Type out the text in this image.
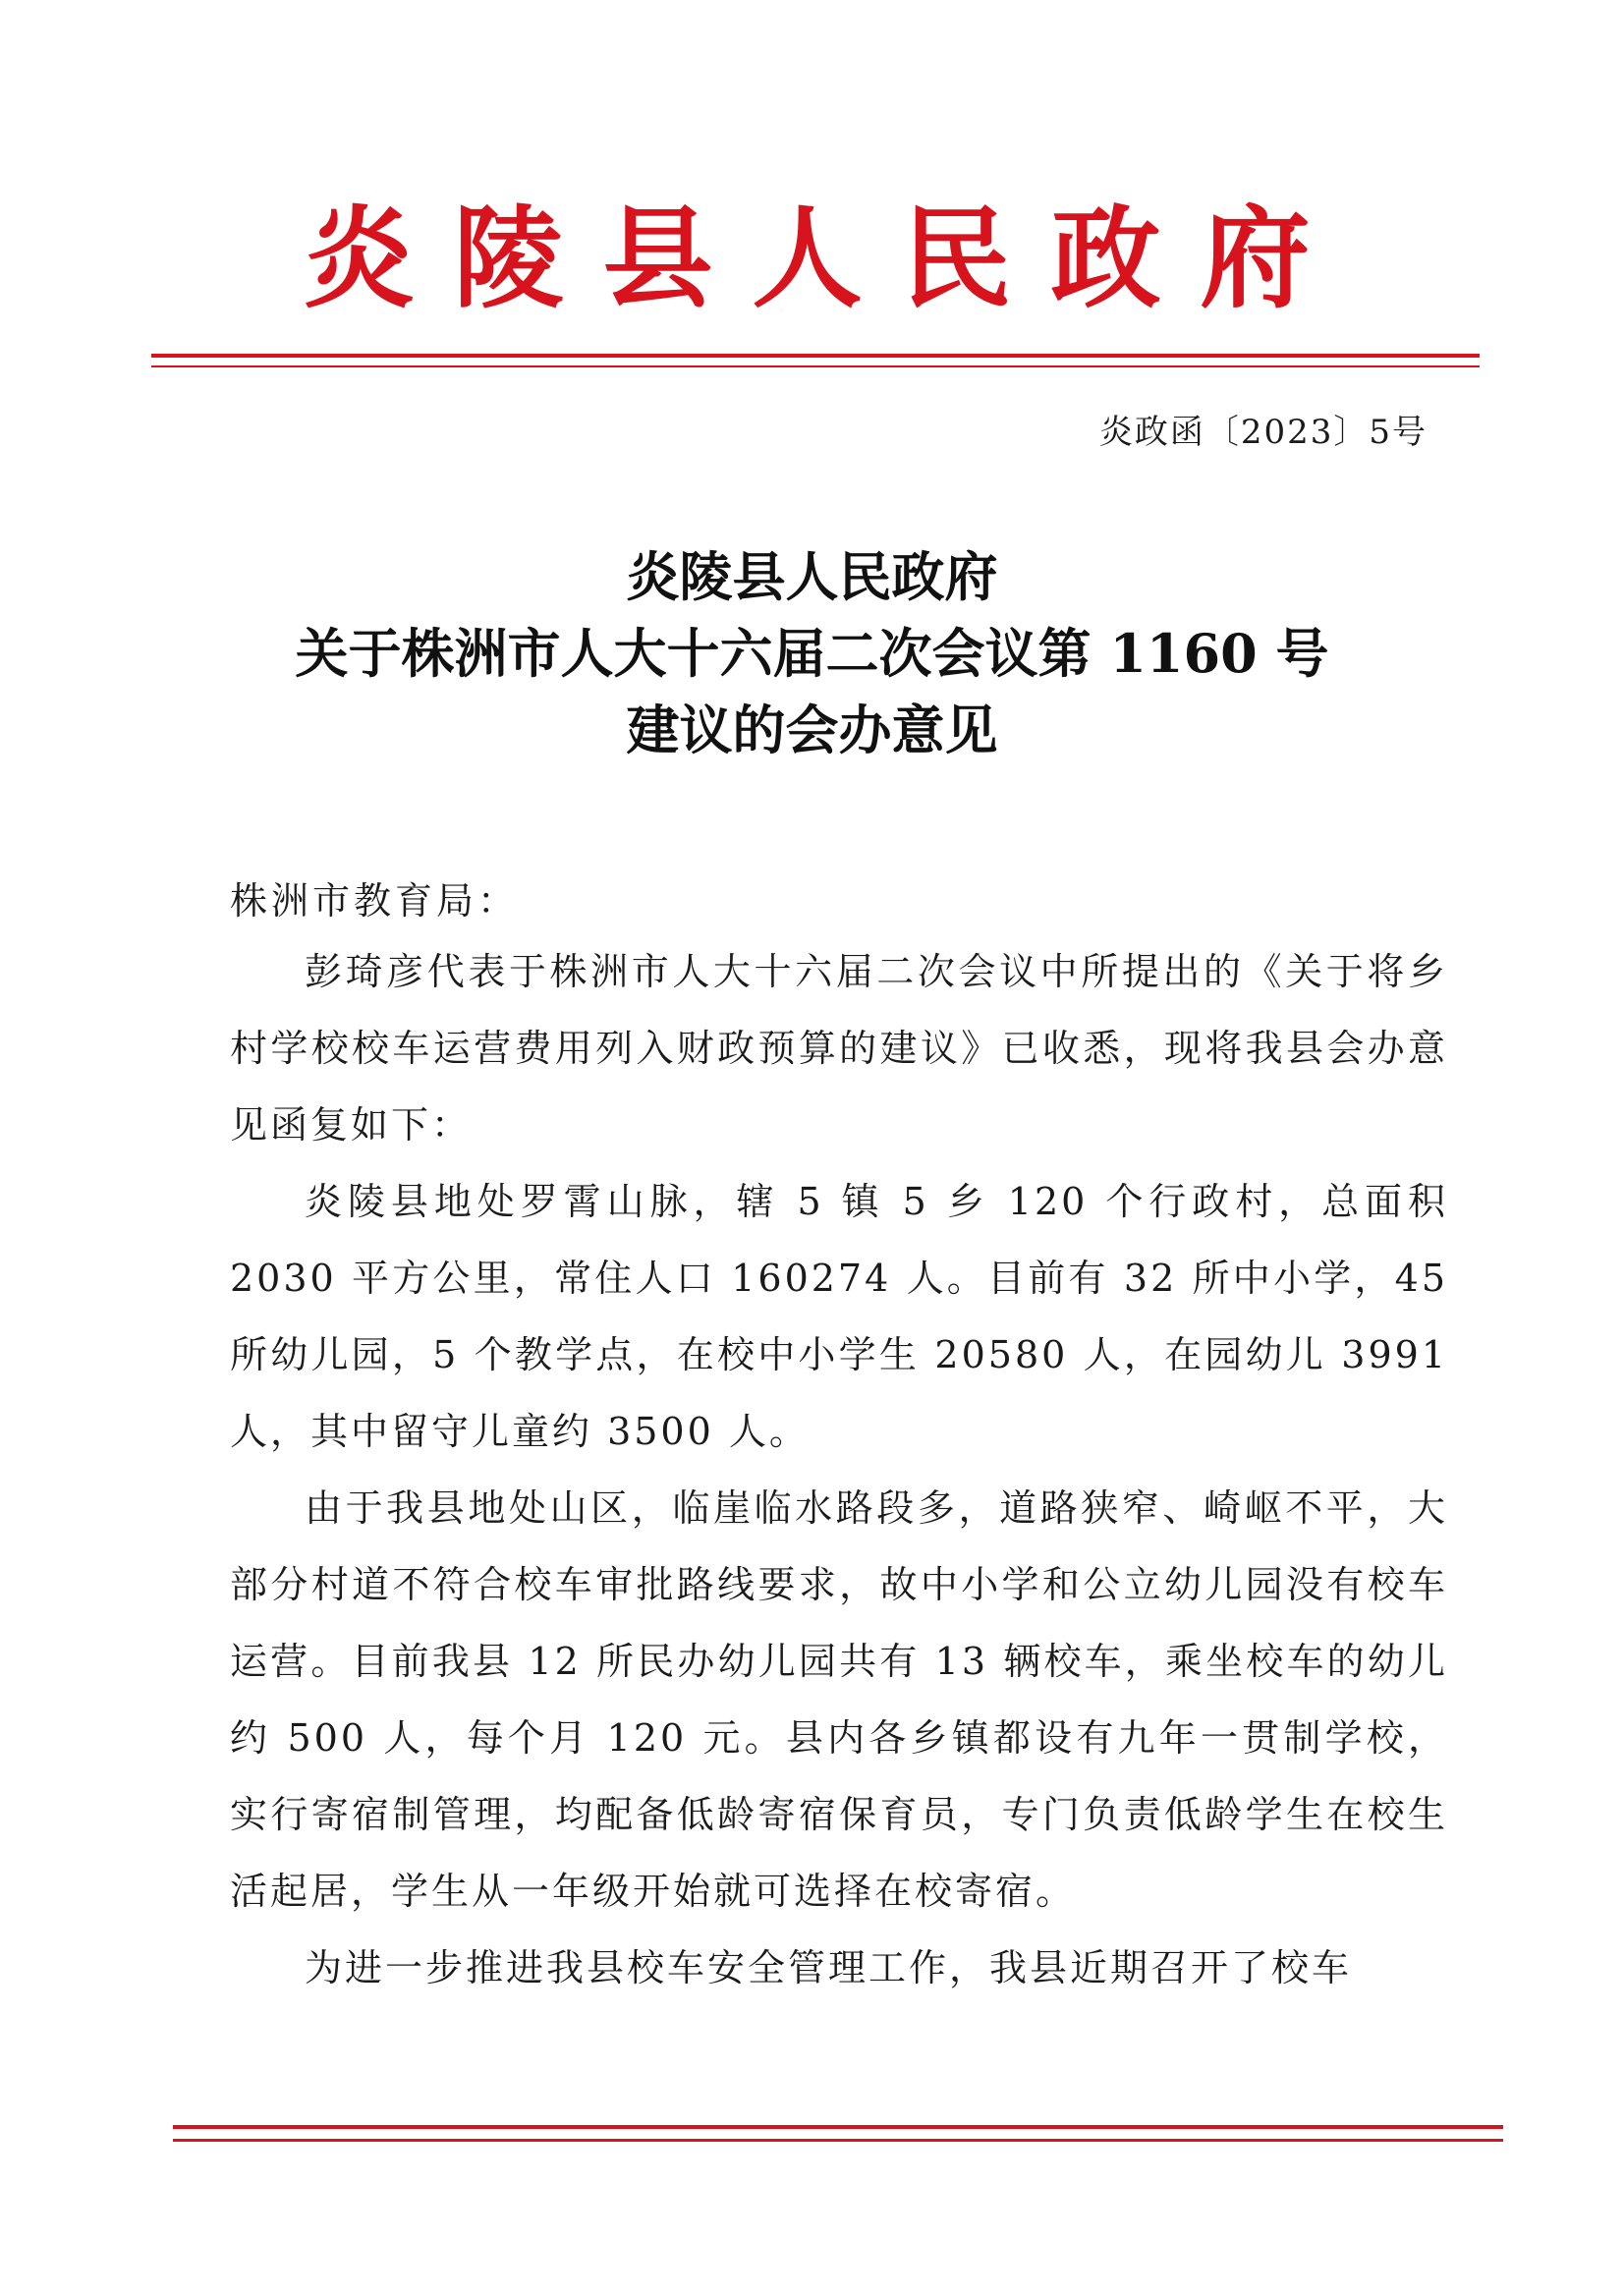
炎陵县人民政府
炎政函〔2023〕5号
炎陵县人民政府
关于株洲市人大十六届二次会议第 1160 号
建议的会办意见
株洲市教育局：

彭琦彦代表于株洲市人大十六届二次会议中所提出的《关于将乡村学校校车运营费用列入财政预算的建议》已收悉，现将我县会办意见函复如下：

炎陵县地处罗霄山脉，辖 5 镇 5 乡 120 个行政村，总面积 2030 平方公里，常住人口 160274 人。目前有 32 所中小学，45 所幼儿园，5 个教学点，在校中小学生 20580 人，在园幼儿 3991 人，其中留守儿童约 3500 人。

由于我县地处山区，临崖临水路段多，道路狭窄、崎岖不平，大部分村道不符合校车审批路线要求，故中小学和公立幼儿园没有校车运营。目前我县 12 所民办幼儿园共有 13 辆校车，乘坐校车的幼儿约 500 人，每个月 120 元。县内各乡镇都设有九年一贯制学校，实行寄宿制管理，均配备低龄寄宿保育员，专门负责低龄学生在校生活起居，学生从一年级开始就可选择在校寄宿。

为进一步推进我县校车安全管理工作，我县近期召开了校车
